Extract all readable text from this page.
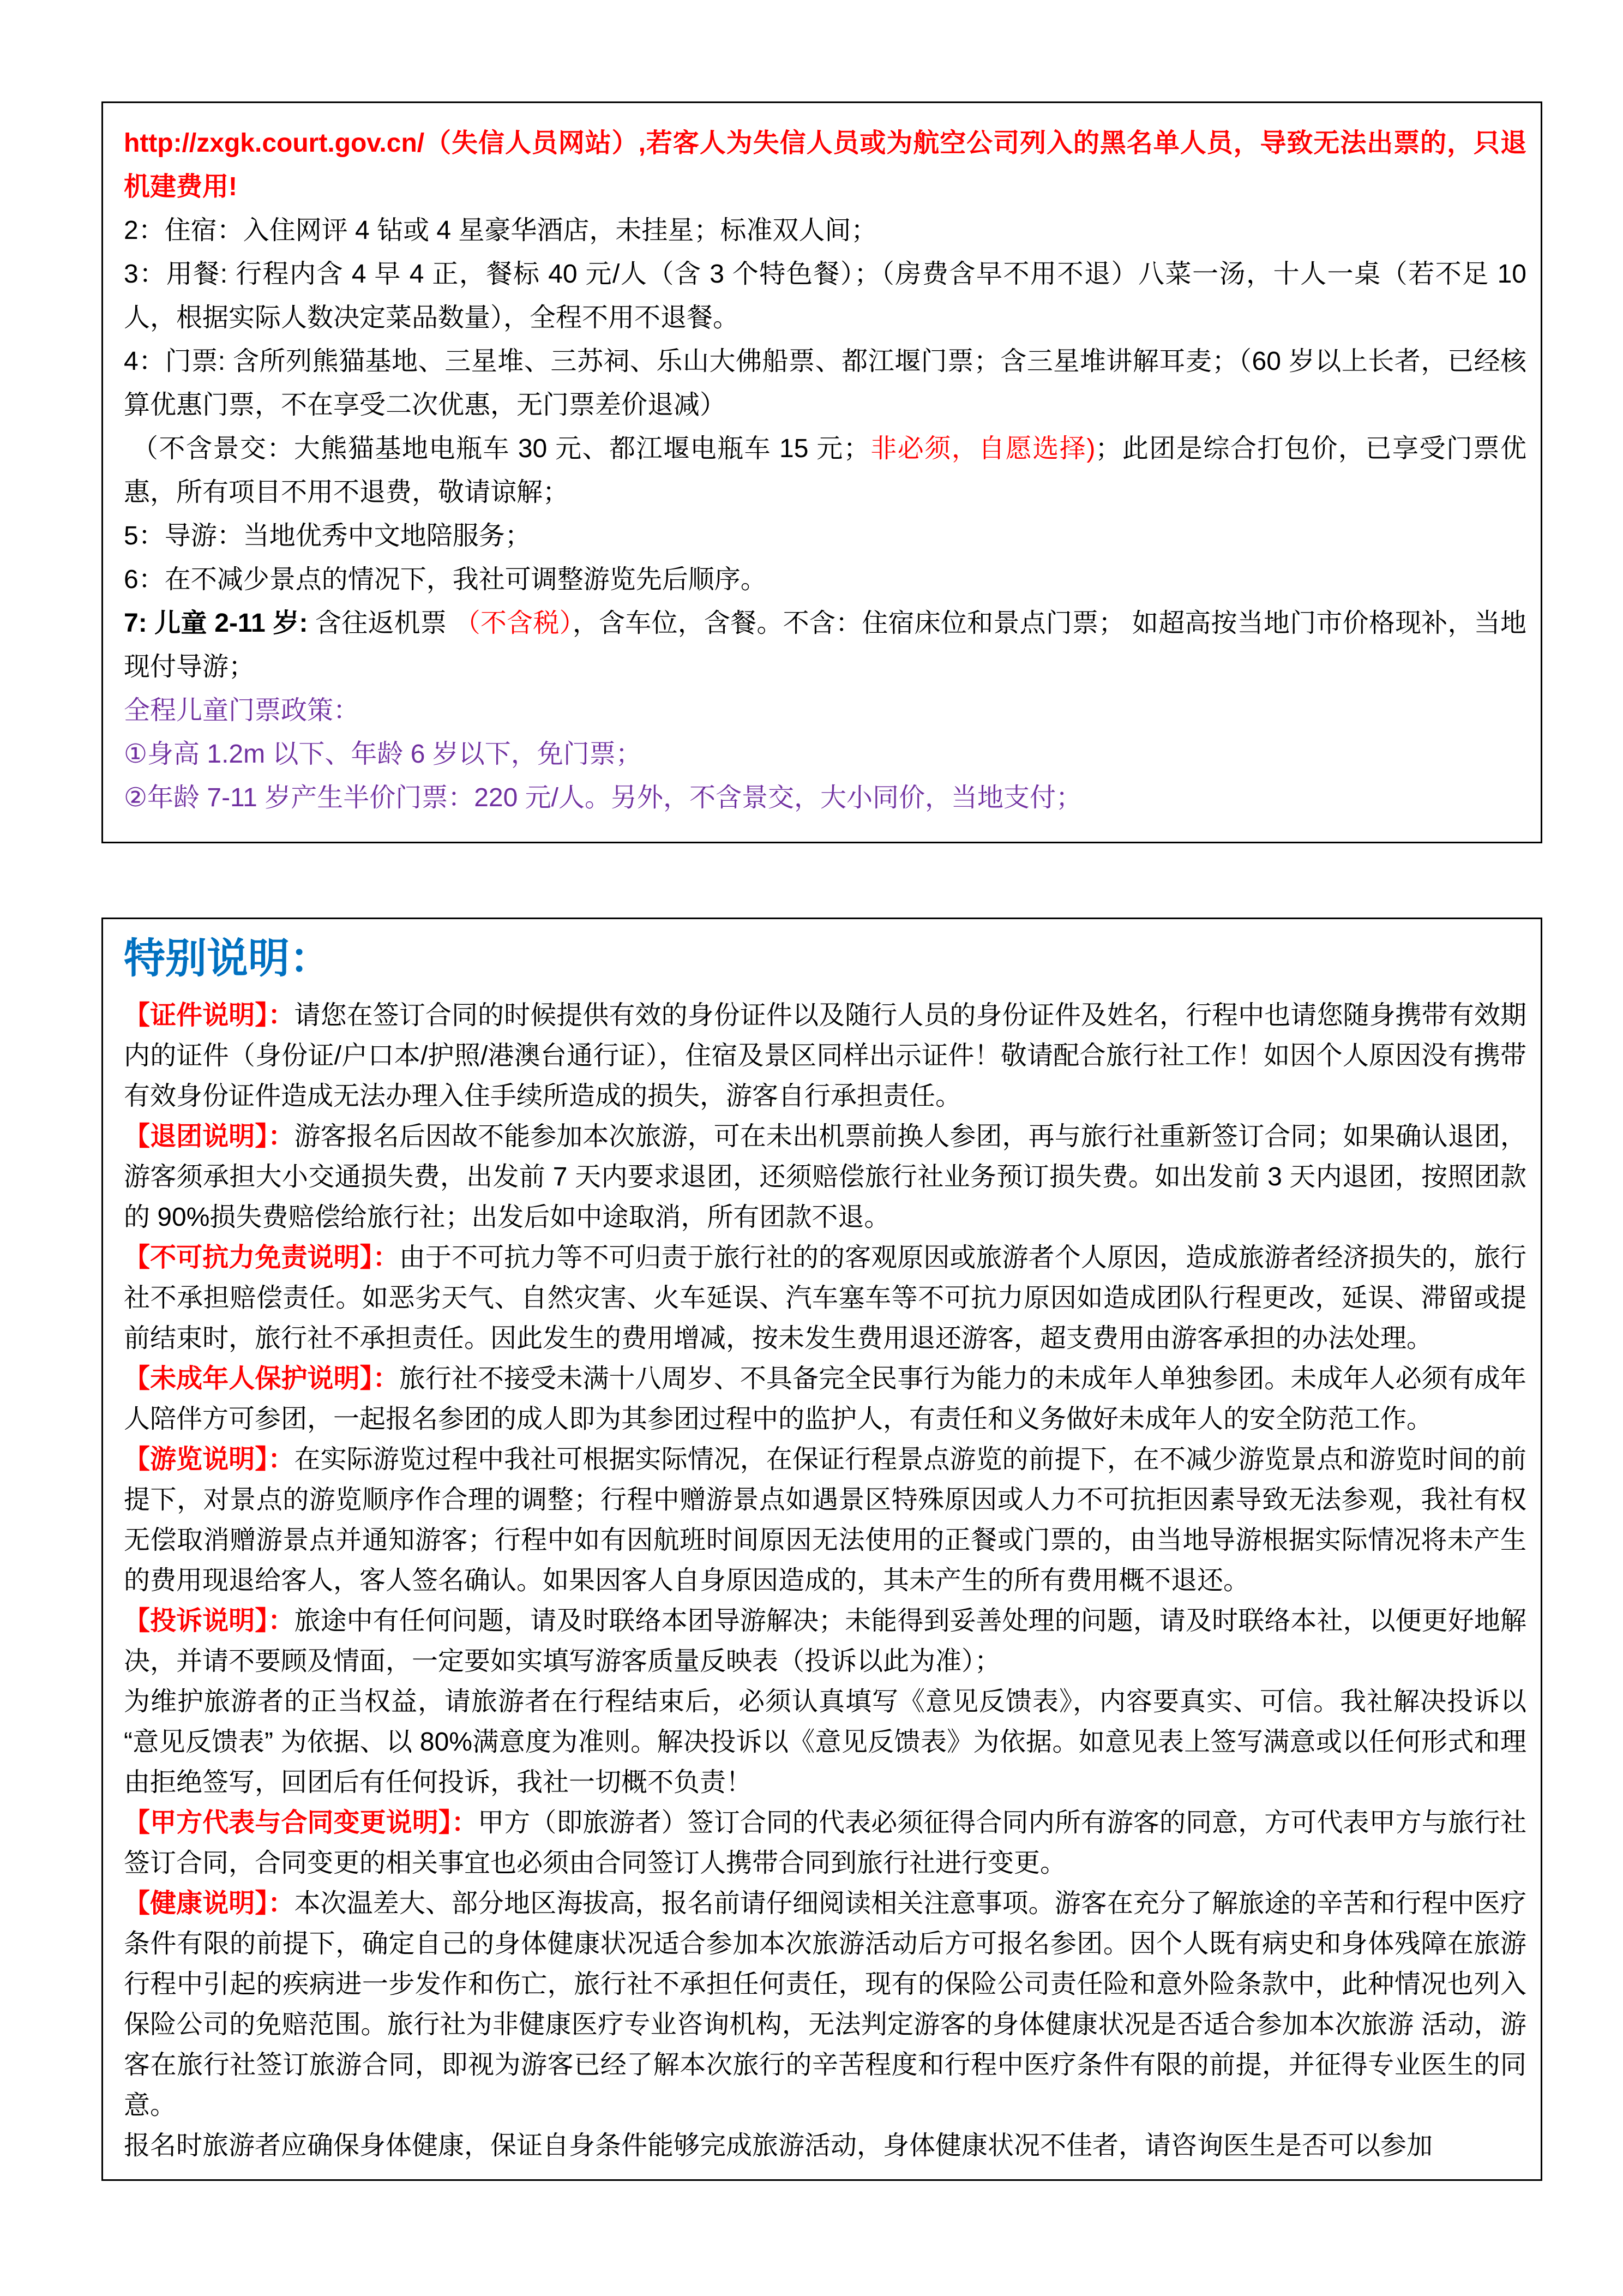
http://zxgk.court.gov.cn/（失信人员网站）,若客人为失信人员或为航空公司列入的黑名单人员，导致无法出票的，只退机建费用!

2：住宿：入住网评 4 钻或 4 星豪华酒店，未挂星；标准双人间；

3：用餐: 行程内含 4 早 4 正，餐标 40 元/人（含 3 个特色餐）；（房费含早不用不退）八菜一汤，十人一桌（若不足 10 人，根据实际人数决定菜品数量），全程不用不退餐。

4：门票: 含所列熊猫基地、三星堆、三苏祠、乐山大佛船票、都江堰门票；含三星堆讲解耳麦；（60 岁以上长者，已经核算优惠门票，不在享受二次优惠，无门票差价退减）

（不含景交：大熊猫基地电瓶车 30 元、都江堰电瓶车 15 元；非必须，自愿选择)；此团是综合打包价，已享受门票优惠，所有项目不用不退费，敬请谅解；

5：导游：当地优秀中文地陪服务；

6：在不减少景点的情况下，我社可调整游览先后顺序。

7: 儿童 2-11 岁: 含往返机票 （不含税），含车位，含餐。不含：住宿床位和景点门票； 如超高按当地门市价格现补，当地现付导游；

全程儿童门票政策：

①身高 1.2m 以下、年龄 6 岁以下，免门票；

②年龄 7-11 岁产生半价门票：220 元/人。另外，不含景交，大小同价，当地支付；

特别说明：

【证件说明】：请您在签订合同的时候提供有效的身份证件以及随行人员的身份证件及姓名，行程中也请您随身携带有效期内的证件（身份证/户口本/护照/港澳台通行证），住宿及景区同样出示证件！敬请配合旅行社工作！如因个人原因没有携带有效身份证件造成无法办理入住手续所造成的损失，游客自行承担责任。

【退团说明】：游客报名后因故不能参加本次旅游，可在未出机票前换人参团，再与旅行社重新签订合同；如果确认退团，游客须承担大小交通损失费，出发前 7 天内要求退团，还须赔偿旅行社业务预订损失费。如出发前 3 天内退团，按照团款的 90%损失费赔偿给旅行社；出发后如中途取消，所有团款不退。

【不可抗力免责说明】：由于不可抗力等不可归责于旅行社的的客观原因或旅游者个人原因，造成旅游者经济损失的，旅行社不承担赔偿责任。如恶劣天气、自然灾害、火车延误、汽车塞车等不可抗力原因如造成团队行程更改，延误、滞留或提前结束时，旅行社不承担责任。因此发生的费用增减，按未发生费用退还游客，超支费用由游客承担的办法处理。

【未成年人保护说明】：旅行社不接受未满十八周岁、不具备完全民事行为能力的未成年人单独参团。未成年人必须有成年人陪伴方可参团，一起报名参团的成人即为其参团过程中的监护人，有责任和义务做好未成年人的安全防范工作。

【游览说明】：在实际游览过程中我社可根据实际情况，在保证行程景点游览的前提下，在不减少游览景点和游览时间的前提下，对景点的游览顺序作合理的调整；行程中赠游景点如遇景区特殊原因或人力不可抗拒因素导致无法参观，我社有权无偿取消赠游景点并通知游客；行程中如有因航班时间原因无法使用的正餐或门票的，由当地导游根据实际情况将未产生的费用现退给客人，客人签名确认。如果因客人自身原因造成的，其未产生的所有费用概不退还。

【投诉说明】：旅途中有任何问题，请及时联络本团导游解决；未能得到妥善处理的问题，请及时联络本社，以便更好地解决，并请不要顾及情面，一定要如实填写游客质量反映表（投诉以此为准）；

为维护旅游者的正当权益，请旅游者在行程结束后，必须认真填写《意见反馈表》，内容要真实、可信。我社解决投诉以 “意见反馈表” 为依据、以 80%满意度为准则。解决投诉以《意见反馈表》为依据。如意见表上签写满意或以任何形式和理由拒绝签写，回团后有任何投诉，我社一切概不负责！

【甲方代表与合同变更说明】：甲方（即旅游者）签订合同的代表必须征得合同内所有游客的同意，方可代表甲方与旅行社签订合同，合同变更的相关事宜也必须由合同签订人携带合同到旅行社进行变更。

【健康说明】：本次温差大、部分地区海拔高，报名前请仔细阅读相关注意事项。游客在充分了解旅途的辛苦和行程中医疗条件有限的前提下，确定自己的身体健康状况适合参加本次旅游活动后方可报名参团。因个人既有病史和身体残障在旅游行程中引起的疾病进一步发作和伤亡，旅行社不承担任何责任，现有的保险公司责任险和意外险条款中，此种情况也列入保险公司的免赔范围。旅行社为非健康医疗专业咨询机构，无法判定游客的身体健康状况是否适合参加本次旅游 活动，游客在旅行社签订旅游合同，即视为游客已经了解本次旅行的辛苦程度和行程中医疗条件有限的前提，并征得专业医生的同意。

报名时旅游者应确保身体健康，保证自身条件能够完成旅游活动，身体健康状况不佳者，请咨询医生是否可以参加
